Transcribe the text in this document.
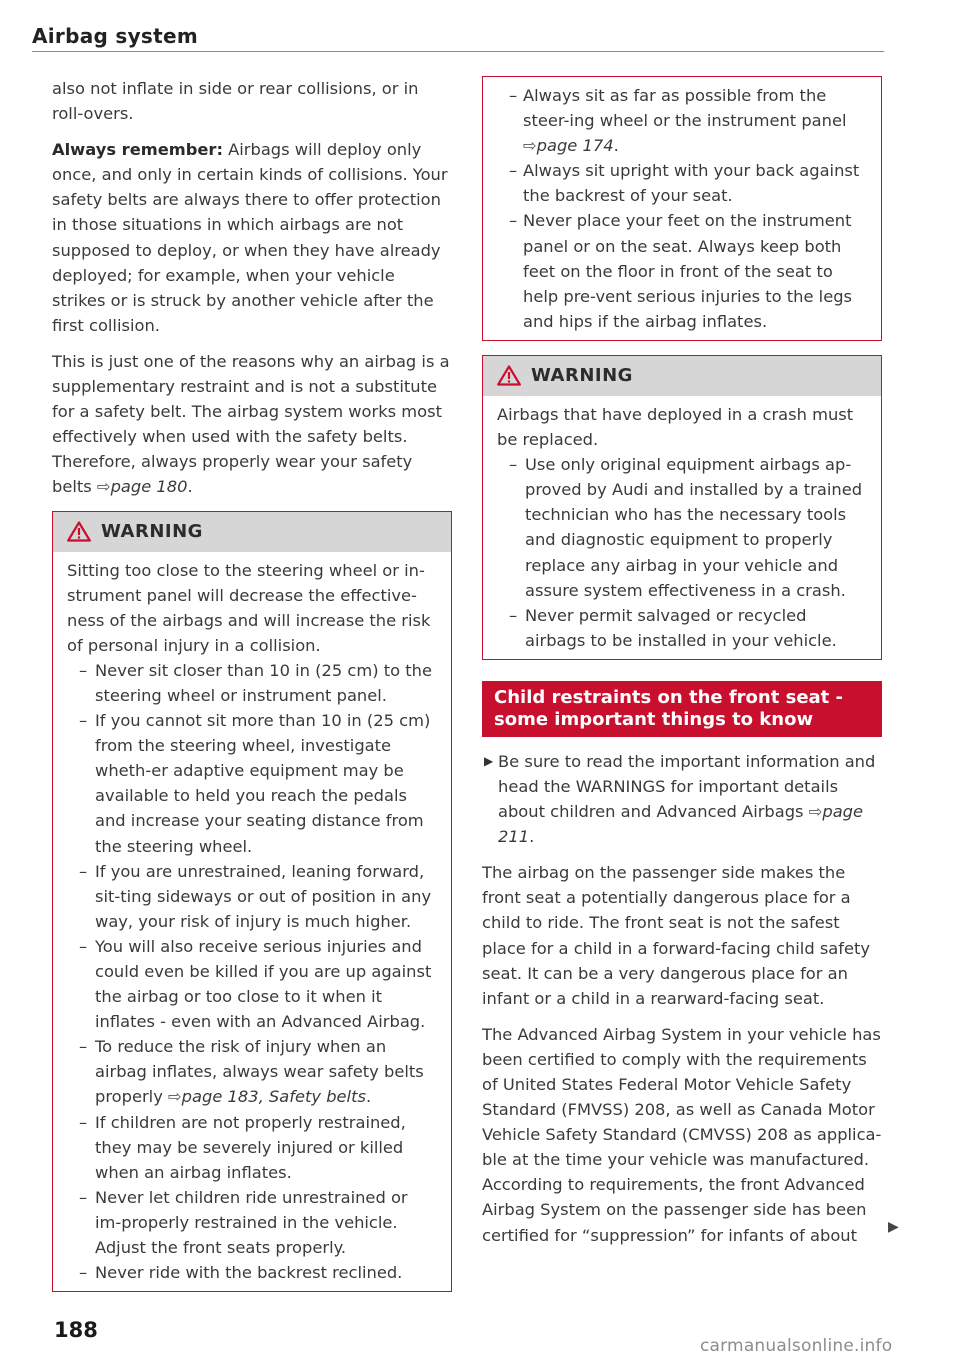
Airbag system

also not inflate in side or rear collisions, or in roll-overs.

Always remember: Airbags will deploy only once, and only in certain kinds of collisions. Your safety belts are always there to offer protection in those situations in which airbags are not supposed to deploy, or when they have already deployed; for example, when your vehicle strikes or is struck by another vehicle after the first collision.

This is just one of the reasons why an airbag is a supplementary restraint and is not a substitute for a safety belt. The airbag system works most effectively when used with the safety belts. Therefore, always properly wear your safety belts ⇨page 180.

WARNING
Sitting too close to the steering wheel or in-strument panel will decrease the effective-ness of the airbags and will increase the risk of personal injury in a collision.
– Never sit closer than 10 in (25 cm) to the steering wheel or instrument panel.
– If you cannot sit more than 10 in (25 cm) from the steering wheel, investigate wheth-er adaptive equipment may be available to held you reach the pedals and increase your seating distance from the steering wheel.
– If you are unrestrained, leaning forward, sit-ting sideways or out of position in any way, your risk of injury is much higher.
– You will also receive serious injuries and could even be killed if you are up against the airbag or too close to it when it inflates - even with an Advanced Airbag.
– To reduce the risk of injury when an airbag inflates, always wear safety belts properly ⇨page 183, Safety belts.
– If children are not properly restrained, they may be severely injured or killed when an airbag inflates.
– Never let children ride unrestrained or im-properly restrained in the vehicle. Adjust the front seats properly.
– Never ride with the backrest reclined.
– Always sit as far as possible from the steer-ing wheel or the instrument panel ⇨page 174.
– Always sit upright with your back against the backrest of your seat.
– Never place your feet on the instrument panel or on the seat. Always keep both feet on the floor in front of the seat to help pre-vent serious injuries to the legs and hips if the airbag inflates.
WARNING
Airbags that have deployed in a crash must be replaced.
– Use only original equipment airbags ap-proved by Audi and installed by a trained technician who has the necessary tools and diagnostic equipment to properly replace any airbag in your vehicle and assure system effectiveness in a crash.
– Never permit salvaged or recycled airbags to be installed in your vehicle.
Child restraints on the front seat - some important things to know
▶ Be sure to read the important information and head the WARNINGS for important details about children and Advanced Airbags ⇨page 211.

The airbag on the passenger side makes the front seat a potentially dangerous place for a child to ride. The front seat is not the safest place for a child in a forward-facing child safety seat. It can be a very dangerous place for an infant or a child in a rearward-facing seat.

The Advanced Airbag System in your vehicle has been certified to comply with the requirements of United States Federal Motor Vehicle Safety Standard (FMVSS) 208, as well as Canada Motor Vehicle Safety Standard (CMVSS) 208 as applica-ble at the time your vehicle was manufactured. According to requirements, the front Advanced Airbag System on the passenger side has been certified for “suppression” for infants of about	▶
188
carmanualsonline.info
